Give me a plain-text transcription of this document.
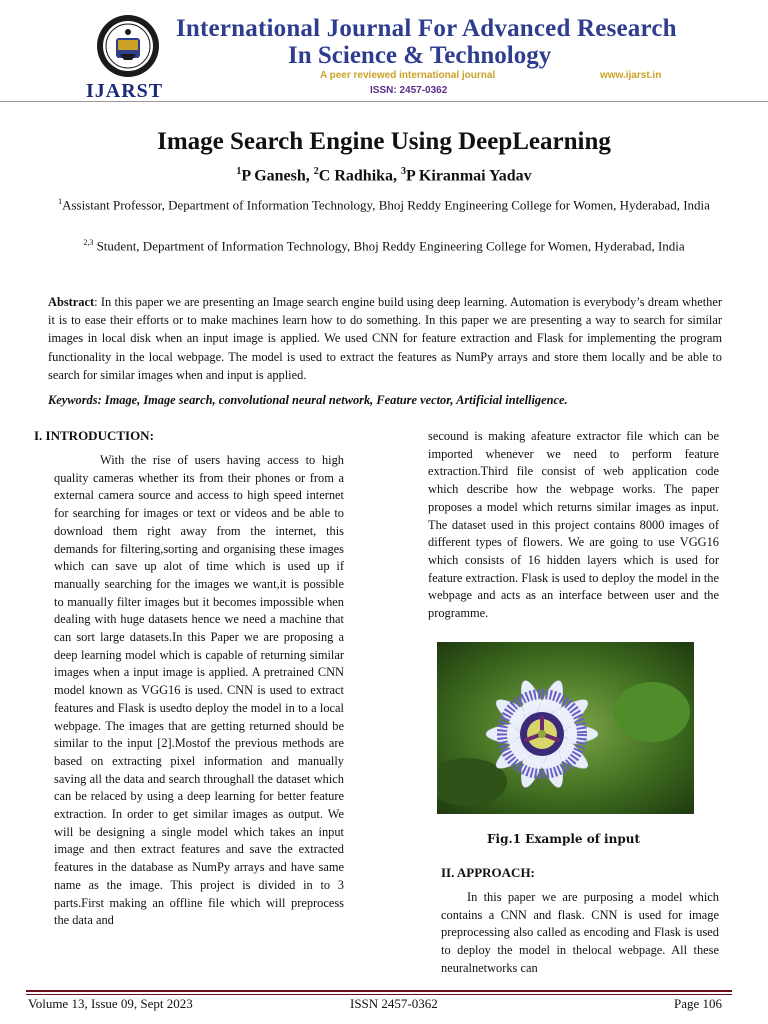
IJARST
International Journal For Advanced Research
In Science & Technology
A peer reviewed international journal	www.ijarst.in
ISSN: 2457-0362
Image Search Engine Using DeepLearning
$^1$P Ganesh, $^2$C Radhika, $^3$P Kiranmai Yadav
$^1$Assistant Professor, Department of Information Technology, Bhoj Reddy Engineering College for Women, Hyderabad, India
$^{2,3}$ Student, Department of Information Technology, Bhoj Reddy Engineering College for Women, Hyderabad, India
Abstract: In this paper we are presenting an Image search engine build using deep learning. Automation is everybody’s dream whether it is to ease their efforts or to make machines learn how to do something. In this paper we are presenting a way to search for similar images in local disk when an input image is applied. We used CNN for feature extraction and Flask for implementing the program functionality in the local webpage. The model is used to extract the features as NumPy arrays and store them locally and be able to search for similar images when and input is applied.
Keywords: Image, Image search, convolutional neural network, Feature vector, Artificial intelligence.
I. INTRODUCTION:

With the rise of users having access to high quality cameras whether its from their phones or from a external camera source and access to high speed internet for searching for images or text or videos and be able to download them right away from the internet, this demands for filtering,sorting and organising these images which can save up alot of time which is used up if manually searching for the images we want,it is possible to manually filter images but it becomes impossible when dealing with huge datasets hence we need a machine that can sort large datasets.In this Paper we are proposing a deep learning model which is capable of returning similar images when a input image is applied. A pretrained CNN model known as VGG16 is used. CNN is used to extract features and Flask is usedto deploy the model in to a local webpage. The images that are getting returned should be similar to the input [2].Mostof the previous methods are based on extracting pixel information and manually saving all the data and search throughall the dataset which can be relaced by using a deep learning for better feature extraction. In order to get similar images as output. We will be designing a single model which takes an input image and then extract features and save the extracted features in the database as NumPy arrays and have same name as the image. This project is divided in to 3 parts.First making an offline file which will preprocess the data and

secound is making afeature extractor file which can be imported whenever we need to perform feature extraction.Third file consist of web application code which describe how the webpage works. The paper proposes a model which returns similar images as input. The dataset used in this project contains 8000 images of different types of flowers. We are going to use VGG16 which consists of 16 hidden layers which is used for feature extraction. Flask is used to deploy the model in the webpage and acts as an interface between user and the programme.

Fig.1 Example of input
II. APPROACH:

In this paper we are purposing a model which contains a CNN and flask. CNN is used for image preprocessing also called as encoding and Flask is used to deploy the model in thelocal webpage. All these neuralnetworks can

Volume 13, Issue 09, Sept 2023	ISSN 2457-0362	Page 106
